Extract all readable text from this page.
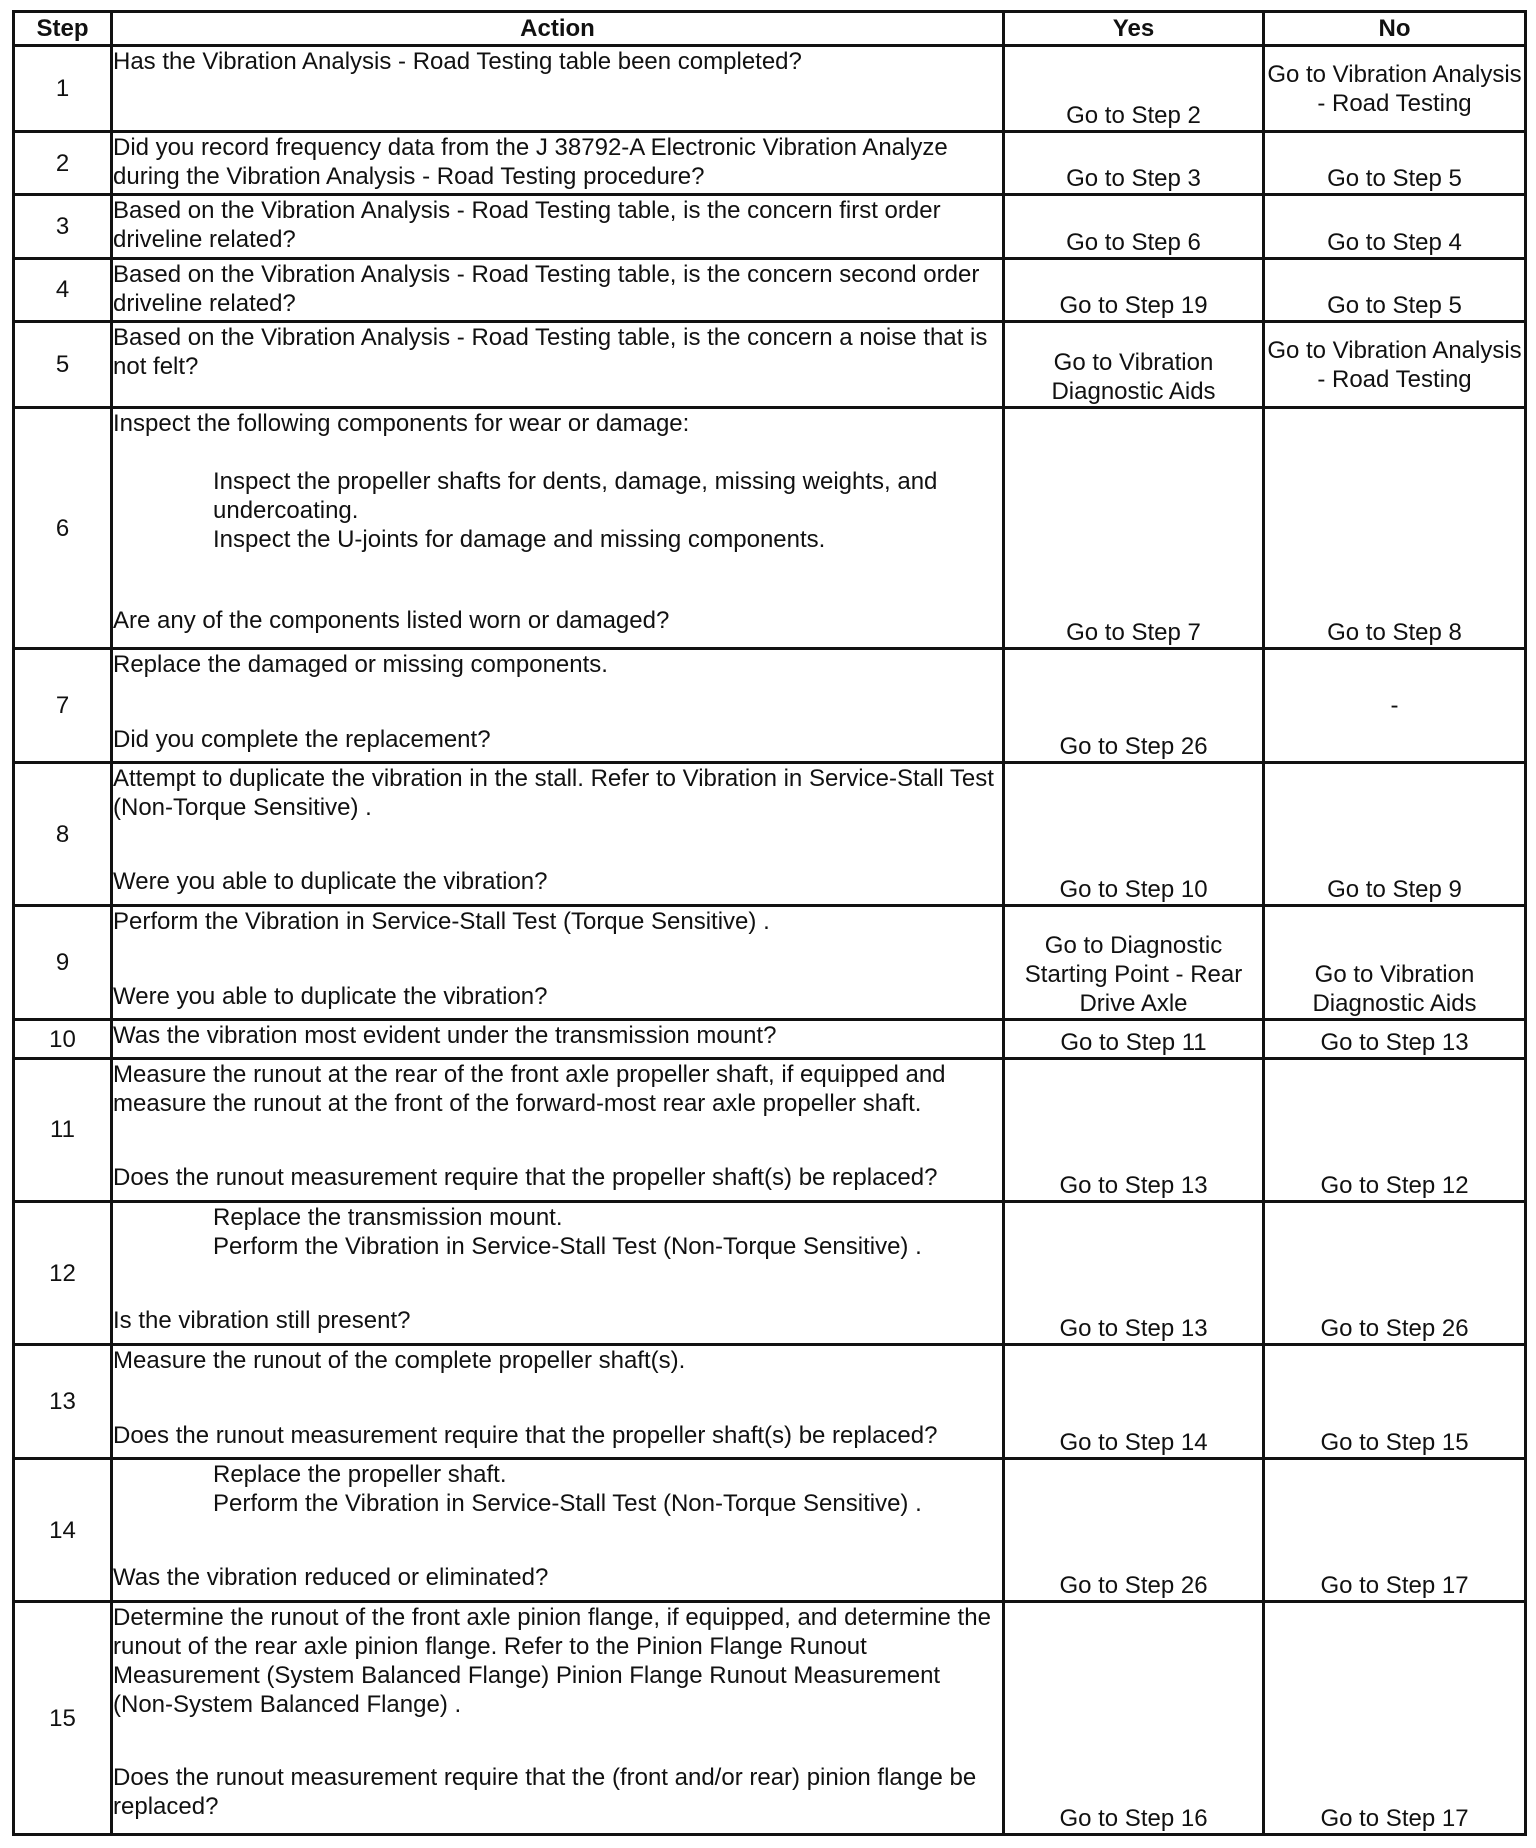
Step	Action	Yes	No
1	Has the Vibration Analysis - Road Testing table been completed?	Go to Step 2	Go to Vibration Analysis - Road Testing
2	Did you record frequency data from the J 38792-A Electronic Vibration Analyze during the Vibration Analysis - Road Testing procedure?	Go to Step 3	Go to Step 5
3	Based on the Vibration Analysis - Road Testing table, is the concern first order driveline related?	Go to Step 6	Go to Step 4
4	Based on the Vibration Analysis - Road Testing table, is the concern second order driveline related?	Go to Step 19	Go to Step 5
5	Based on the Vibration Analysis - Road Testing table, is the concern a noise that is not felt?	Go to Vibration Diagnostic Aids	Go to Vibration Analysis - Road Testing
6	Inspect the following components for wear or damage:
Inspect the propeller shafts for dents, damage, missing weights, and undercoating.
Inspect the U-joints for damage and missing components.
Are any of the components listed worn or damaged?	Go to Step 7	Go to Step 8
7	Replace the damaged or missing components.
Did you complete the replacement?	Go to Step 26	-
8	Attempt to duplicate the vibration in the stall. Refer to Vibration in Service-Stall Test (Non-Torque Sensitive) .
Were you able to duplicate the vibration?	Go to Step 10	Go to Step 9
9	Perform the Vibration in Service-Stall Test (Torque Sensitive) .
Were you able to duplicate the vibration?	Go to Diagnostic Starting Point - Rear Drive Axle	Go to Vibration Diagnostic Aids
10	Was the vibration most evident under the transmission mount?	Go to Step 11	Go to Step 13
11	Measure the runout at the rear of the front axle propeller shaft, if equipped and measure the runout at the front of the forward-most rear axle propeller shaft.
Does the runout measurement require that the propeller shaft(s) be replaced?	Go to Step 13	Go to Step 12
12	Replace the transmission mount.
Perform the Vibration in Service-Stall Test (Non-Torque Sensitive) .
Is the vibration still present?	Go to Step 13	Go to Step 26
13	Measure the runout of the complete propeller shaft(s).
Does the runout measurement require that the propeller shaft(s) be replaced?	Go to Step 14	Go to Step 15
14	Replace the propeller shaft.
Perform the Vibration in Service-Stall Test (Non-Torque Sensitive) .
Was the vibration reduced or eliminated?	Go to Step 26	Go to Step 17
15	Determine the runout of the front axle pinion flange, if equipped, and determine the runout of the rear axle pinion flange. Refer to the Pinion Flange Runout Measurement (System Balanced Flange) Pinion Flange Runout Measurement (Non-System Balanced Flange) .
Does the runout measurement require that the (front and/or rear) pinion flange be replaced?	Go to Step 16	Go to Step 17
